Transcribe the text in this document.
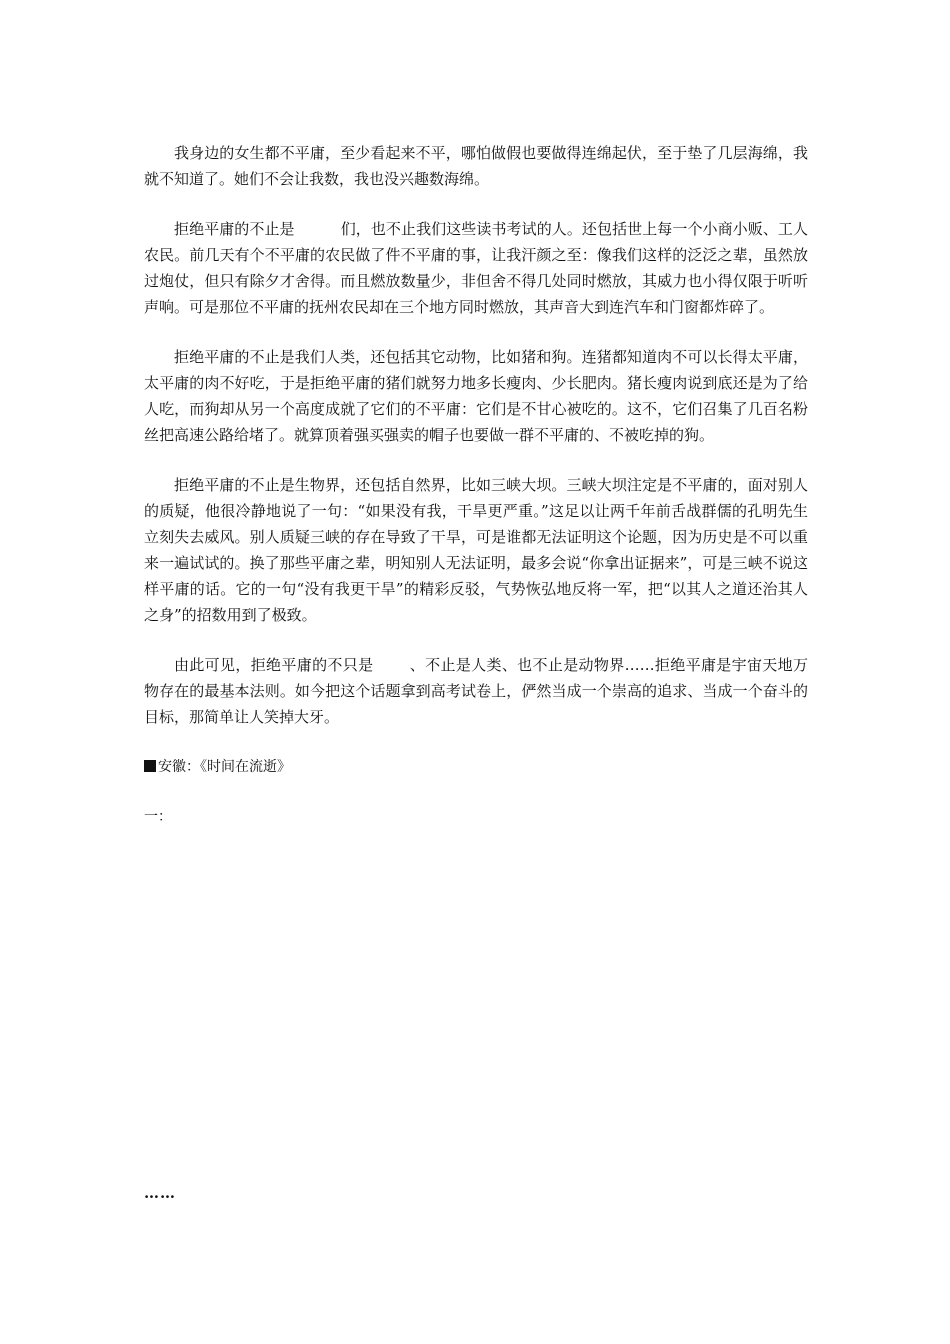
我身边的女生都不平庸，至少看起来不平，哪怕做假也要做得连绵起伏，至于垫了几层海绵，我就不知道了。她们不会让我数，我也没兴趣数海绵。

拒绝平庸的不止是	们，也不止我们这些读书考试的人。还包括世上每一个小商小贩、工人农民。前几天有个不平庸的农民做了件不平庸的事，让我汗颜之至：像我们这样的泛泛之辈，虽然放过炮仗，但只有除夕才舍得。而且燃放数量少，非但舍不得几处同时燃放，其威力也小得仅限于听听声响。可是那位不平庸的抚州农民却在三个地方同时燃放，其声音大到连汽车和门窗都炸碎了。

拒绝平庸的不止是我们人类，还包括其它动物，比如猪和狗。连猪都知道肉不可以长得太平庸，太平庸的肉不好吃，于是拒绝平庸的猪们就努力地多长瘦肉、少长肥肉。猪长瘦肉说到底还是为了给人吃，而狗却从另一个高度成就了它们的不平庸：它们是不甘心被吃的。这不，它们召集了几百名粉丝把高速公路给堵了。就算顶着强买强卖的帽子也要做一群不平庸的、不被吃掉的狗。

拒绝平庸的不止是生物界，还包括自然界，比如三峡大坝。三峡大坝注定是不平庸的，面对别人的质疑，他很冷静地说了一句：“如果没有我，干旱更严重。”这足以让两千年前舌战群儒的孔明先生立刻失去威风。别人质疑三峡的存在导致了干旱，可是谁都无法证明这个论题，因为历史是不可以重来一遍试试的。换了那些平庸之辈，明知别人无法证明，最多会说“你拿出证据来”，可是三峡不说这样平庸的话。它的一句“没有我更干旱”的精彩反驳，气势恢弘地反将一军，把“以其人之道还治其人之身”的招数用到了极致。

由此可见，拒绝平庸的不只是 、不止是人类、也不止是动物界……拒绝平庸是宇宙天地万物存在的最基本法则。如今把这个话题拿到高考试卷上，俨然当成一个崇高的追求、当成一个奋斗的目标，那简单让人笑掉大牙。

安徽：《时间在流逝》

一：

……
